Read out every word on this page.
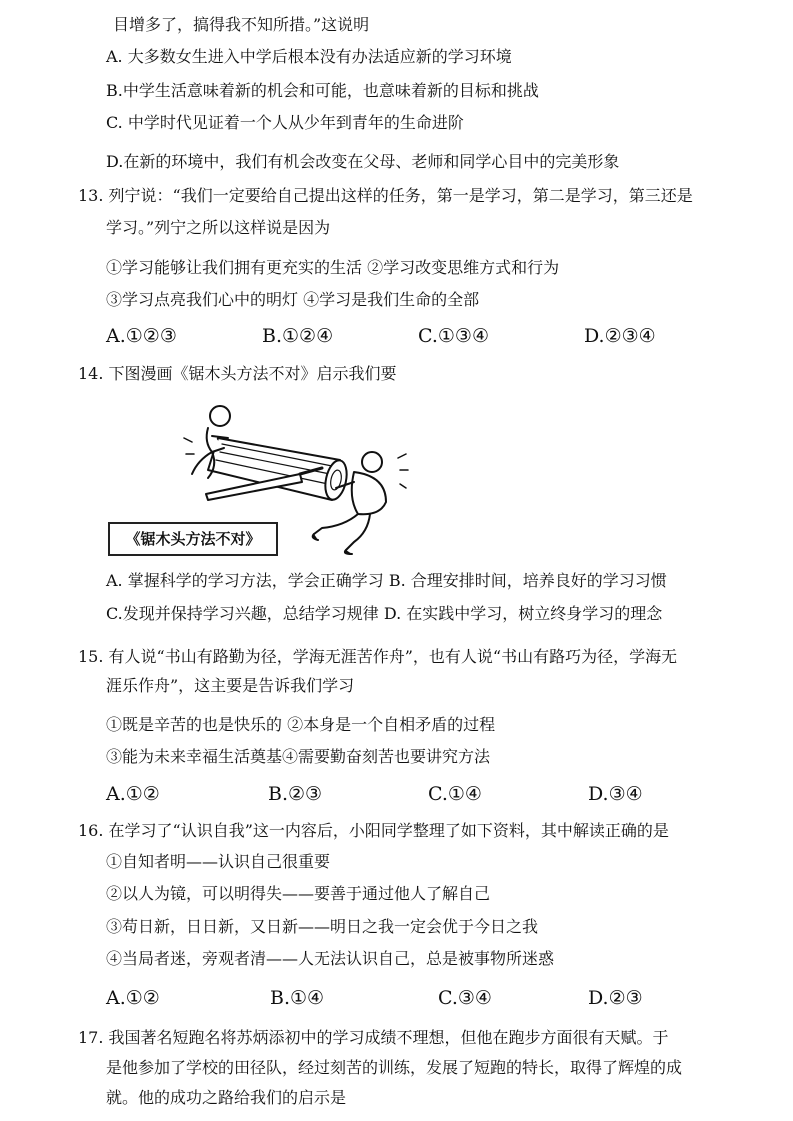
目增多了，搞得我不知所措。”这说明
A. 大多数女生进入中学后根本没有办法适应新的学习环境
B.中学生活意味着新的机会和可能，也意味着新的目标和挑战
C. 中学时代见证着一个人从少年到青年的生命进阶
D.在新的环境中，我们有机会改变在父母、老师和同学心目中的完美形象
13. 列宁说：“我们一定要给自己提出这样的任务，第一是学习，第二是学习，第三还是
学习。”列宁之所以这样说是因为
①学习能够让我们拥有更充实的生活 ②学习改变思维方式和行为
③学习点亮我们心中的明灯 ④学习是我们生命的全部
A.①②③	B.①②④	C.①③④	D.②③④
14. 下图漫画《锯木头方法不对》启示我们要
《锯木头方法不对》
A. 掌握科学的学习方法，学会正确学习 B. 合理安排时间，培养良好的学习习惯
C.发现并保持学习兴趣，总结学习规律 D. 在实践中学习，树立终身学习的理念
15. 有人说“书山有路勤为径，学海无涯苦作舟”，也有人说“书山有路巧为径，学海无
涯乐作舟”，这主要是告诉我们学习
①既是辛苦的也是快乐的 ②本身是一个自相矛盾的过程
③能为未来幸福生活奠基④需要勤奋刻苦也要讲究方法
A.①②	B.②③	C.①④	D.③④
16. 在学习了“认识自我”这一内容后，小阳同学整理了如下资料，其中解读正确的是
①自知者明——认识自己很重要
②以人为镜，可以明得失——要善于通过他人了解自己
③苟日新，日日新，又日新——明日之我一定会优于今日之我
④当局者迷，旁观者清——人无法认识自己，总是被事物所迷惑
A.①②	B.①④	C.③④	D.②③
17. 我国著名短跑名将苏炳添初中的学习成绩不理想，但他在跑步方面很有天赋。于
是他参加了学校的田径队，经过刻苦的训练，发展了短跑的特长，取得了辉煌的成
就。他的成功之路给我们的启示是
